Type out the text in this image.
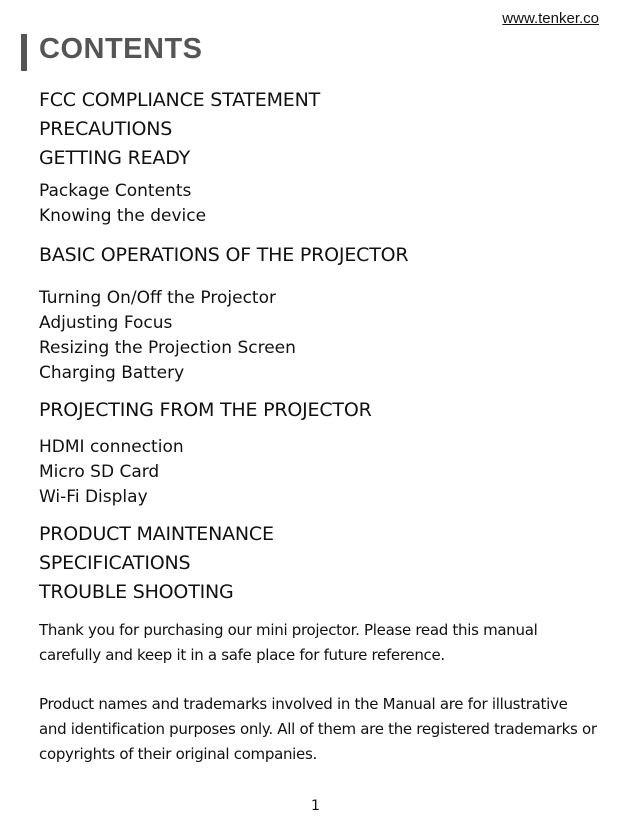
www.tenker.co
CONTENTS
FCC COMPLIANCE STATEMENT
PRECAUTIONS
GETTING READY
Package Contents
Knowing the device
BASIC OPERATIONS OF THE PROJECTOR
Turning On/Off the Projector
Adjusting Focus
Resizing the Projection Screen
Charging Battery
PROJECTING FROM THE PROJECTOR
HDMI connection
Micro SD Card
Wi-Fi Display
PRODUCT MAINTENANCE
SPECIFICATIONS
TROUBLE SHOOTING

Thank you for purchasing our mini projector. Please read this manual carefully and keep it in a safe place for future reference.

Product names and trademarks involved in the Manual are for illustrative and identification purposes only. All of them are the registered trademarks or copyrights of their original companies.

1
